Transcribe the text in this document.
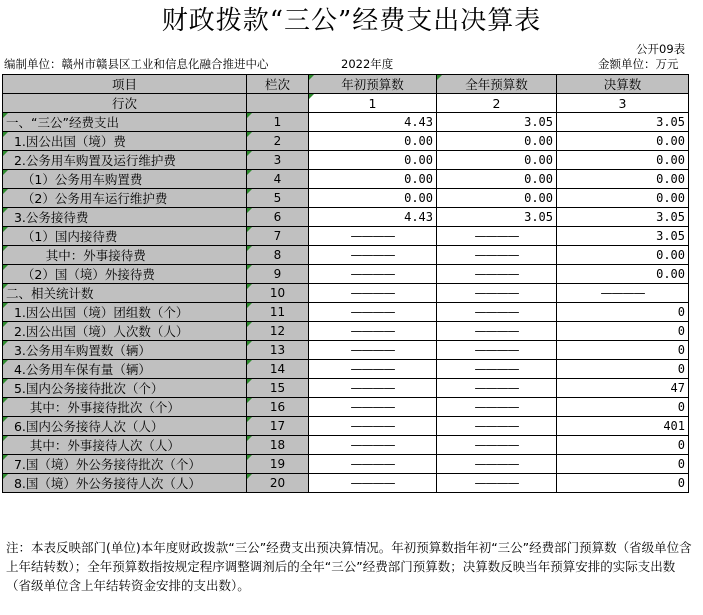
财政拨款“三公”经费支出决算表
公开09表
编制单位：赣州市赣县区工业和信息化融合推进中心	2022年度	金额单位：万元
项目	栏次	年初预算数	全年预算数	决算数
行次		1	2	3
一、“三公”经费支出	1	4.43	3.05	3.05
1.因公出国（境）费	2	0.00	0.00	0.00
2.公务用车购置及运行维护费	3	0.00	0.00	0.00
（1）公务用车购置费	4	0.00	0.00	0.00
（2）公务用车运行维护费	5	0.00	0.00	0.00
3.公务接待费	6	4.43	3.05	3.05
（1）国内接待费	7	————	————	3.05
其中：外事接待费	8	————	————	0.00
（2）国（境）外接待费	9	————	————	0.00
二、相关统计数	10	————	————	————
1.因公出国（境）团组数（个）	11	————	————	0
2.因公出国（境）人次数（人）	12	————	————	0
3.公务用车购置数（辆）	13	————	————	0
4.公务用车保有量（辆）	14	————	————	0
5.国内公务接待批次（个）	15	————	————	47
其中：外事接待批次（个）	16	————	————	0
6.国内公务接待人次（人）	17	————	————	401
其中：外事接待人次（人）	18	————	————	0
7.国（境）外公务接待批次（个）	19	————	————	0
8.国（境）外公务接待人次（人）	20	————	————	0
注：本表反映部门(单位)本年度财政拨款“三公”经费支出预决算情况。年初预算数指年初“三公”经费部门预算数（省级单位含上年结转数）；全年预算数指按规定程序调整调剂后的全年“三公”经费部门预算数；决算数反映当年预算安排的实际支出数（省级单位含上年结转资金安排的支出数）。
